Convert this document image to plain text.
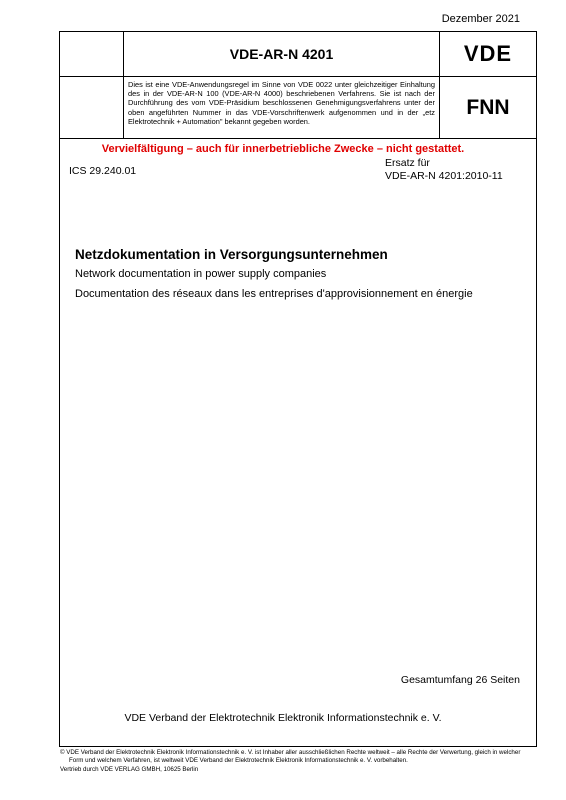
Dezember 2021
VDE-AR-N 4201	VDE
Dies ist eine VDE-Anwendungsregel im Sinne von VDE 0022 unter gleichzeitiger Einhaltung des in der VDE-AR-N 100 (VDE-AR-N 4000) beschriebenen Verfahrens. Sie ist nach der Durchführung des vom VDE-Präsidium beschlossenen Genehmigungsverfahrens unter der oben angeführten Nummer in das VDE-Vorschriftenwerk aufgenommen und in der „etz Elektrotechnik + Automation" bekannt gegeben worden.
FNN
Vervielfältigung – auch für innerbetriebliche Zwecke – nicht gestattet.
ICS 29.240.01
Ersatz für
VDE-AR-N 4201:2010-11
Netzdokumentation in Versorgungsunternehmen
Network documentation in power supply companies
Documentation des réseaux dans les entreprises d'approvisionnement en énergie
Gesamtumfang 26 Seiten
VDE Verband der Elektrotechnik Elektronik Informationstechnik e. V.
© VDE Verband der Elektrotechnik Elektronik Informationstechnik e. V. ist Inhaber aller ausschließlichen Rechte weltweit – alle Rechte der Verwertung, gleich in welcher
Form und welchem Verfahren, ist weltweit VDE Verband der Elektrotechnik Elektronik Informationstechnik e. V. vorbehalten.
Vertrieb durch VDE VERLAG GMBH, 10625 Berlin
